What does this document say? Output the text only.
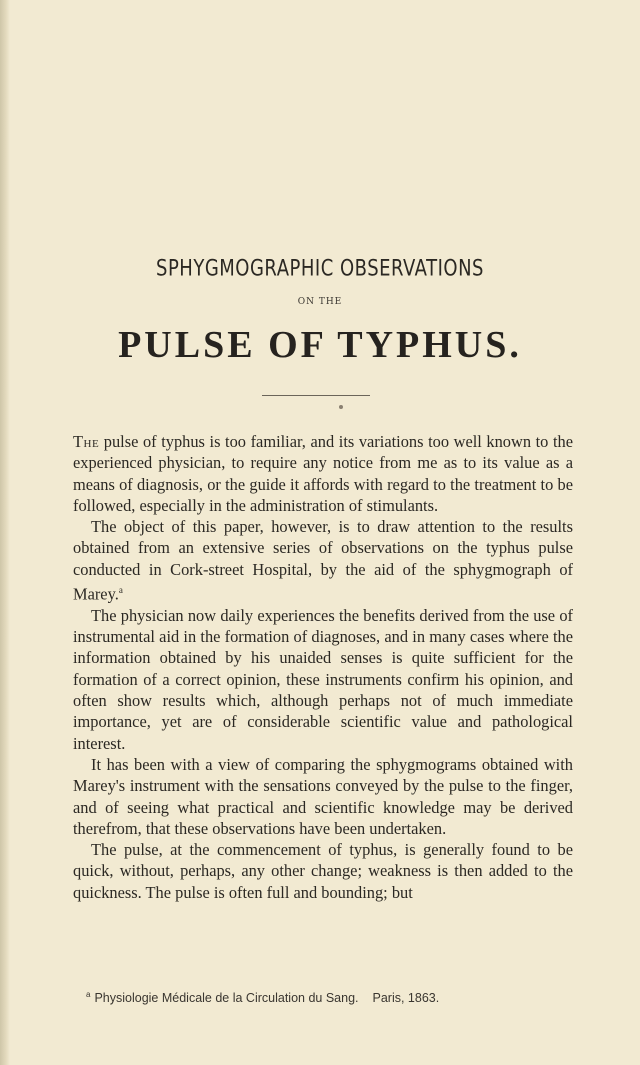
SPHYGMOGRAPHIC OBSERVATIONS
ON THE
PULSE OF TYPHUS.

The pulse of typhus is too familiar, and its variations too well known to the experienced physician, to require any notice from me as to its value as a means of diagnosis, or the guide it affords with regard to the treatment to be followed, especially in the administration of stimulants.

The object of this paper, however, is to draw attention to the results obtained from an extensive series of observations on the typhus pulse conducted in Cork-street Hospital, by the aid of the sphygmograph of Marey.$^a$

The physician now daily experiences the benefits derived from the use of instrumental aid in the formation of diagnoses, and in many cases where the information obtained by his unaided senses is quite sufficient for the formation of a correct opinion, these instruments confirm his opinion, and often show results which, although perhaps not of much immediate importance, yet are of considerable scientific value and pathological interest.

It has been with a view of comparing the sphygmograms obtained with Marey's instrument with the sensations conveyed by the pulse to the finger, and of seeing what practical and scientific knowledge may be derived therefrom, that these observations have been undertaken.

The pulse, at the commencement of typhus, is generally found to be quick, without, perhaps, any other change; weakness is then added to the quickness. The pulse is often full and bounding; but

$^a$ Physiologie Médicale de la Circulation du Sang. Paris, 1863.
